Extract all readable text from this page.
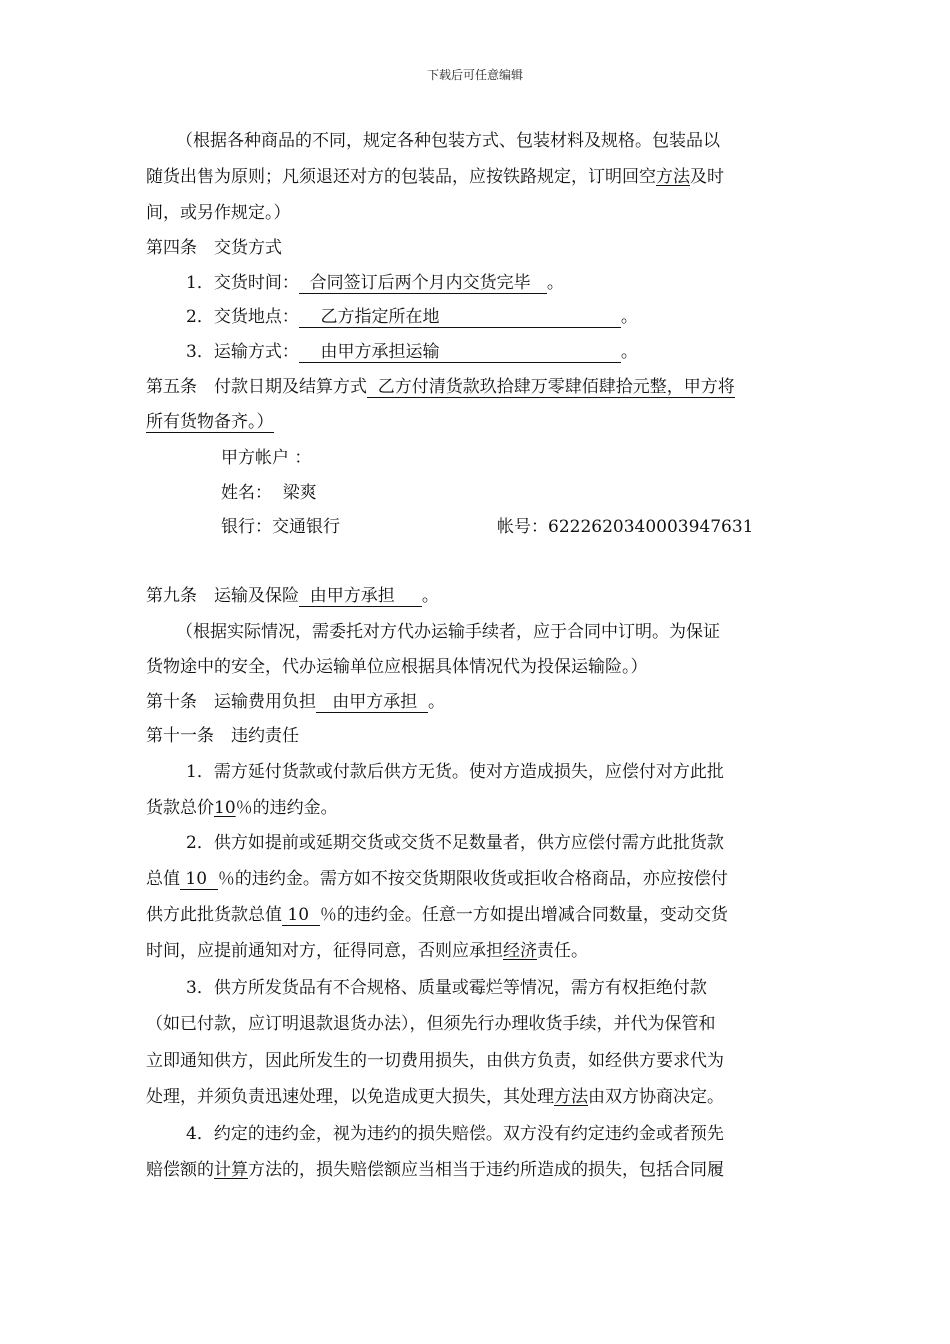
下载后可任意编辑
（根据各种商品的不同，规定各种包装方式、包装材料及规格。包装品以
随货出售为原则；凡须退还对方的包装品，应按铁路规定，订明回空方法及时
间，或另作规定。）
第四条　交货方式
1．交货时间：  合同签订后两个月内交货完毕   。
2．交货地点：    乙方指定所在地	。
3．运输方式：    由甲方承担运输	。
第五条　付款日期及结算方式  乙方付清货款玖拾肆万零肆佰肆拾元整，甲方将
所有货物备齐。）
甲方帐户 ：
姓名：  梁爽
银行：交通银行	帐号：6222620340003947631
第九条　运输及保险  由甲方承担     。
（根据实际情况，需委托对方代办运输手续者，应于合同中订明。为保证
货物途中的安全，代办运输单位应根据具体情况代为投保运输险。）
第十条　运输费用负担   由甲方承担  。
第十一条　违约责任
1．需方延付货款或付款后供方无货。使对方造成损失，应偿付对方此批
货款总价10％的违约金。
2．供方如提前或延期交货或交货不足数量者，供方应偿付需方此批货款
总值 10  ％的违约金。需方如不按交货期限收货或拒收合格商品，亦应按偿付
供方此批货款总值 10  ％的违约金。任意一方如提出增减合同数量，变动交货
时间，应提前通知对方，征得同意，否则应承担经济责任。
3．供方所发货品有不合规格、质量或霉烂等情况，需方有权拒绝付款
（如已付款，应订明退款退货办法），但须先行办理收货手续，并代为保管和
立即通知供方，因此所发生的一切费用损失，由供方负责，如经供方要求代为
处理，并须负责迅速处理，以免造成更大损失，其处理方法由双方协商决定。
4．约定的违约金，视为违约的损失赔偿。双方没有约定违约金或者预先
赔偿额的计算方法的，损失赔偿额应当相当于违约所造成的损失，包括合同履
